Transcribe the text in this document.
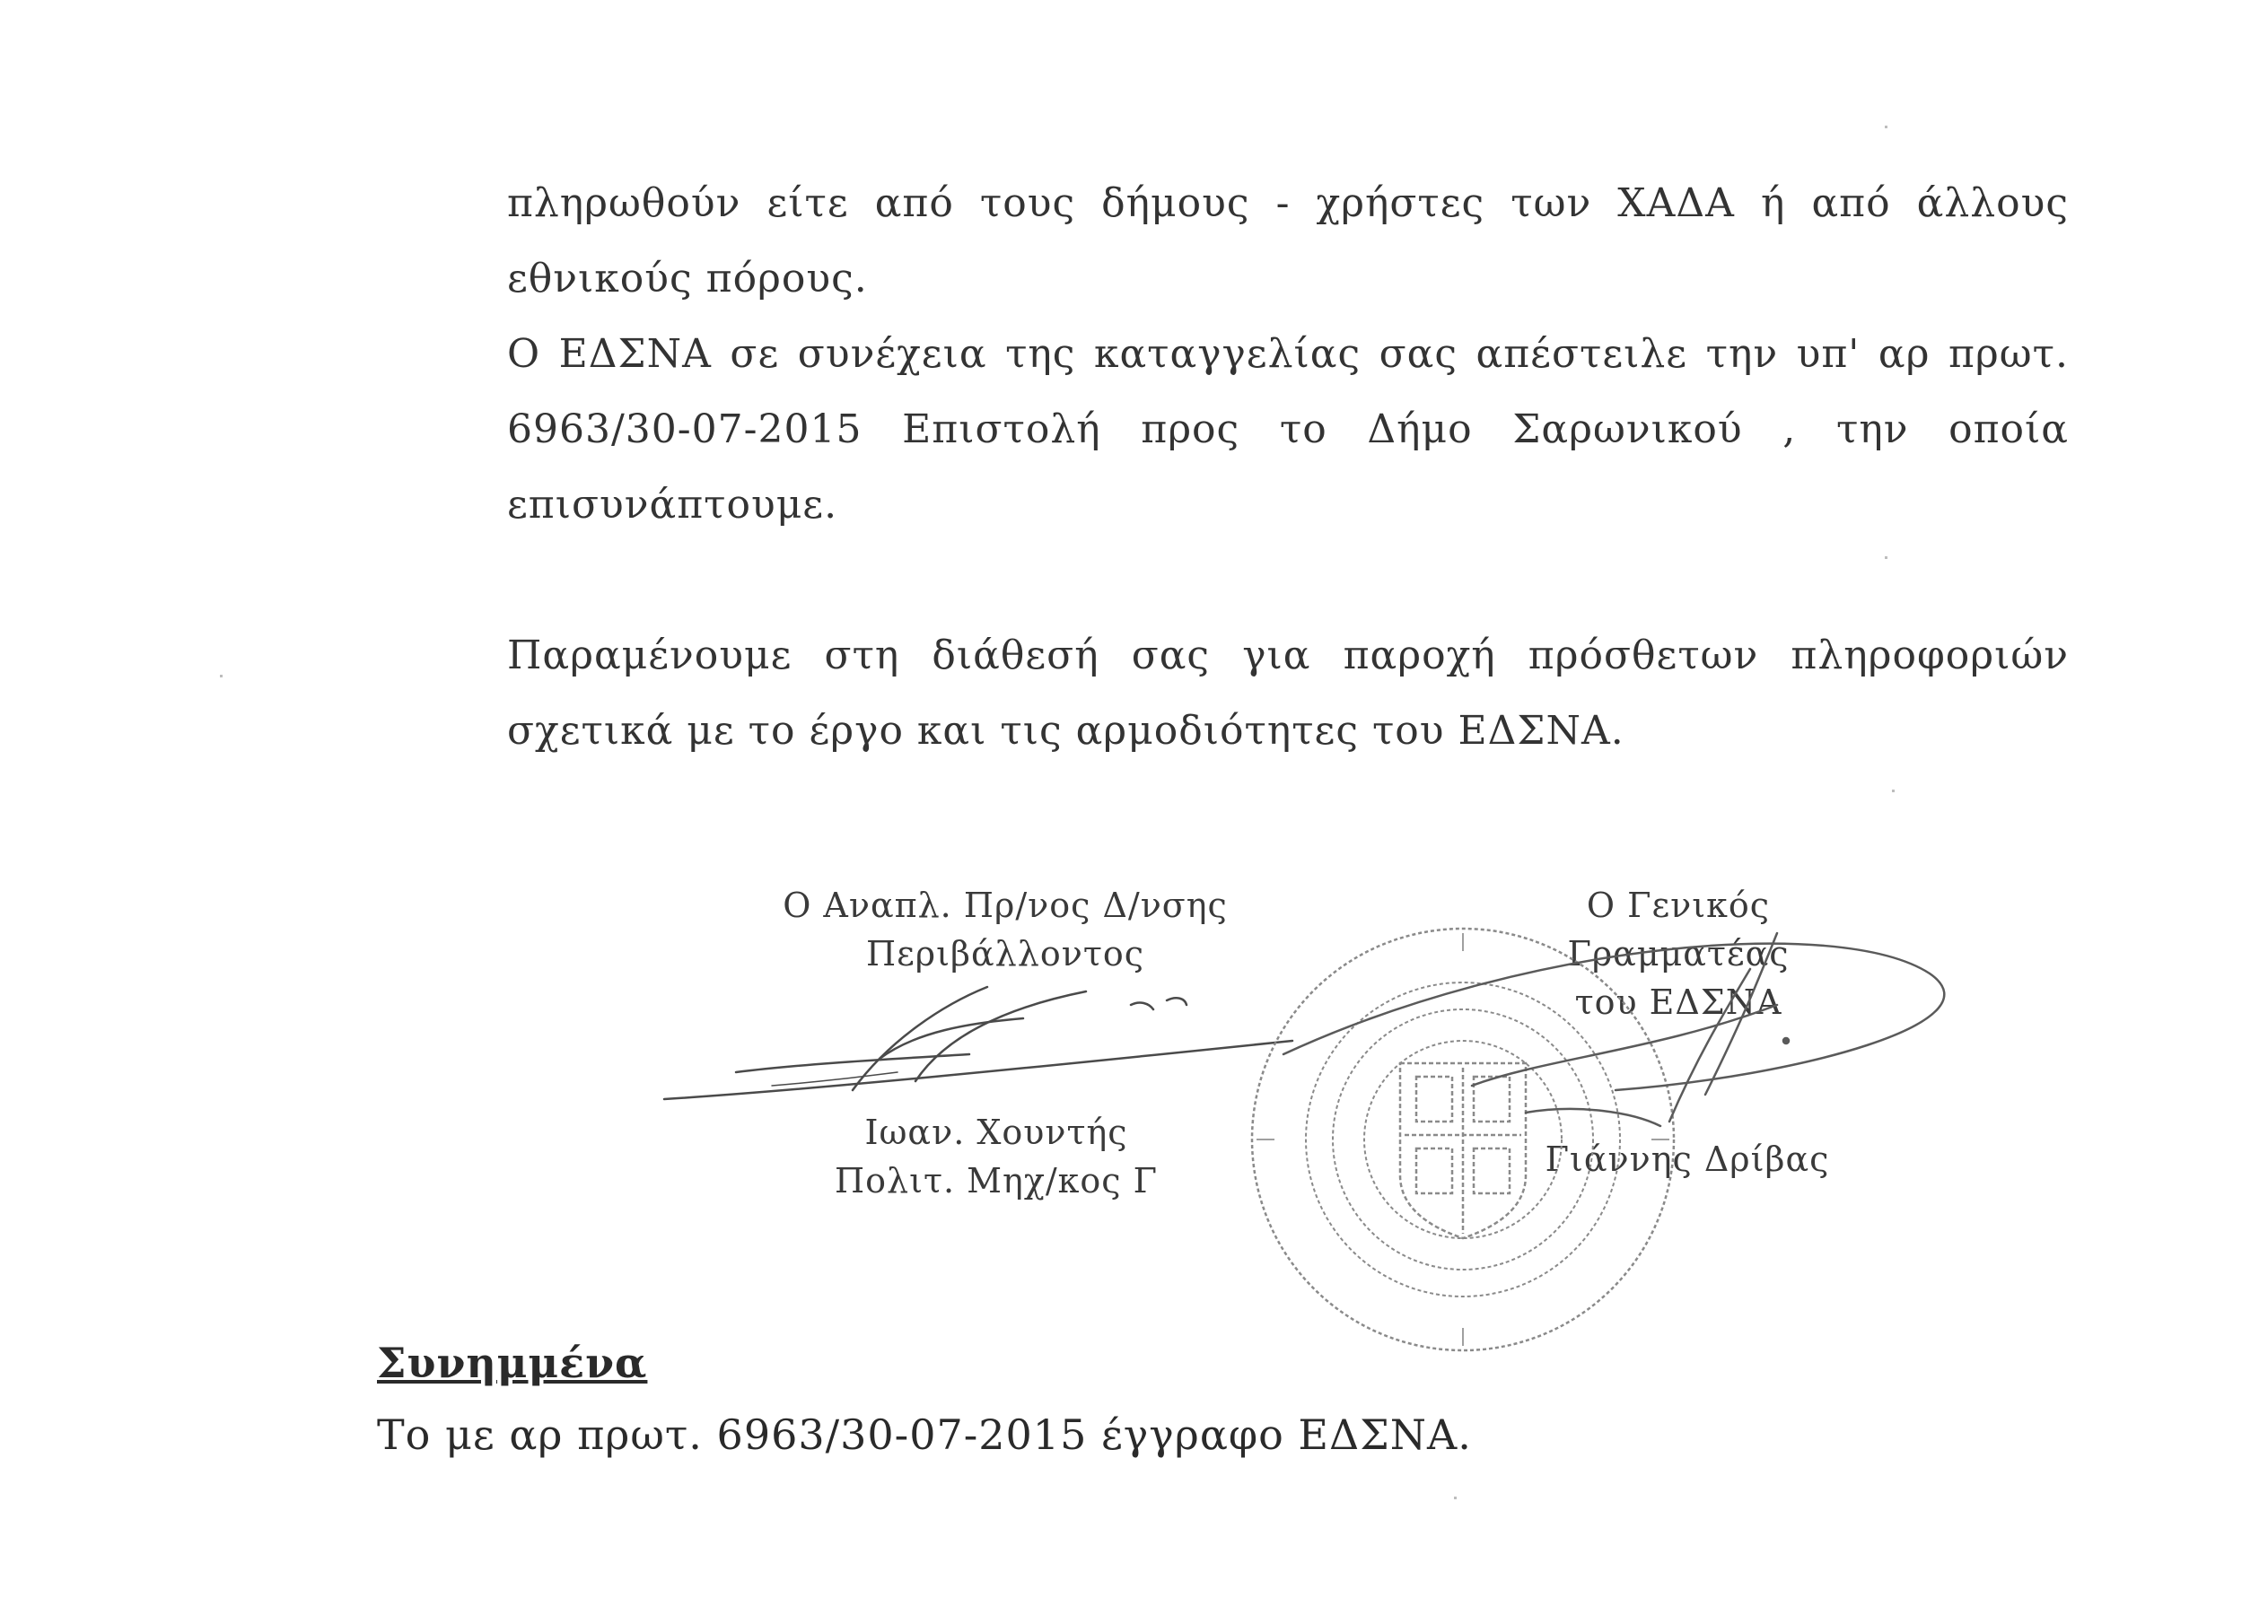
πληρωθούν είτε από τους δήμους - χρήστες των ΧΑΔΑ ή από άλλους εθνικούς πόρους.

Ο ΕΔΣΝΑ σε συνέχεια της καταγγελίας σας απέστειλε την υπ' αρ πρωτ. 6963/30-07-2015 Επιστολή προς το Δήμο Σαρωνικού , την οποία επισυνάπτουμε.

Παραμένουμε στη διάθεσή σας για παροχή πρόσθετων πληροφοριών σχετικά με το έργο και τις αρμοδιότητες του ΕΔΣΝΑ.

Ο Αναπλ. Πρ/νος Δ/νσης
Περιβάλλοντος
Ιωαν. Χουντής
Πολιτ. Μηχ/κος Γ
Ο Γενικός Γραμματέας
του ΕΔΣΝΑ
Γιάννης Δρίβας
Συνημμένα
Το με αρ πρωτ. 6963/30-07-2015 έγγραφο ΕΔΣΝΑ.
